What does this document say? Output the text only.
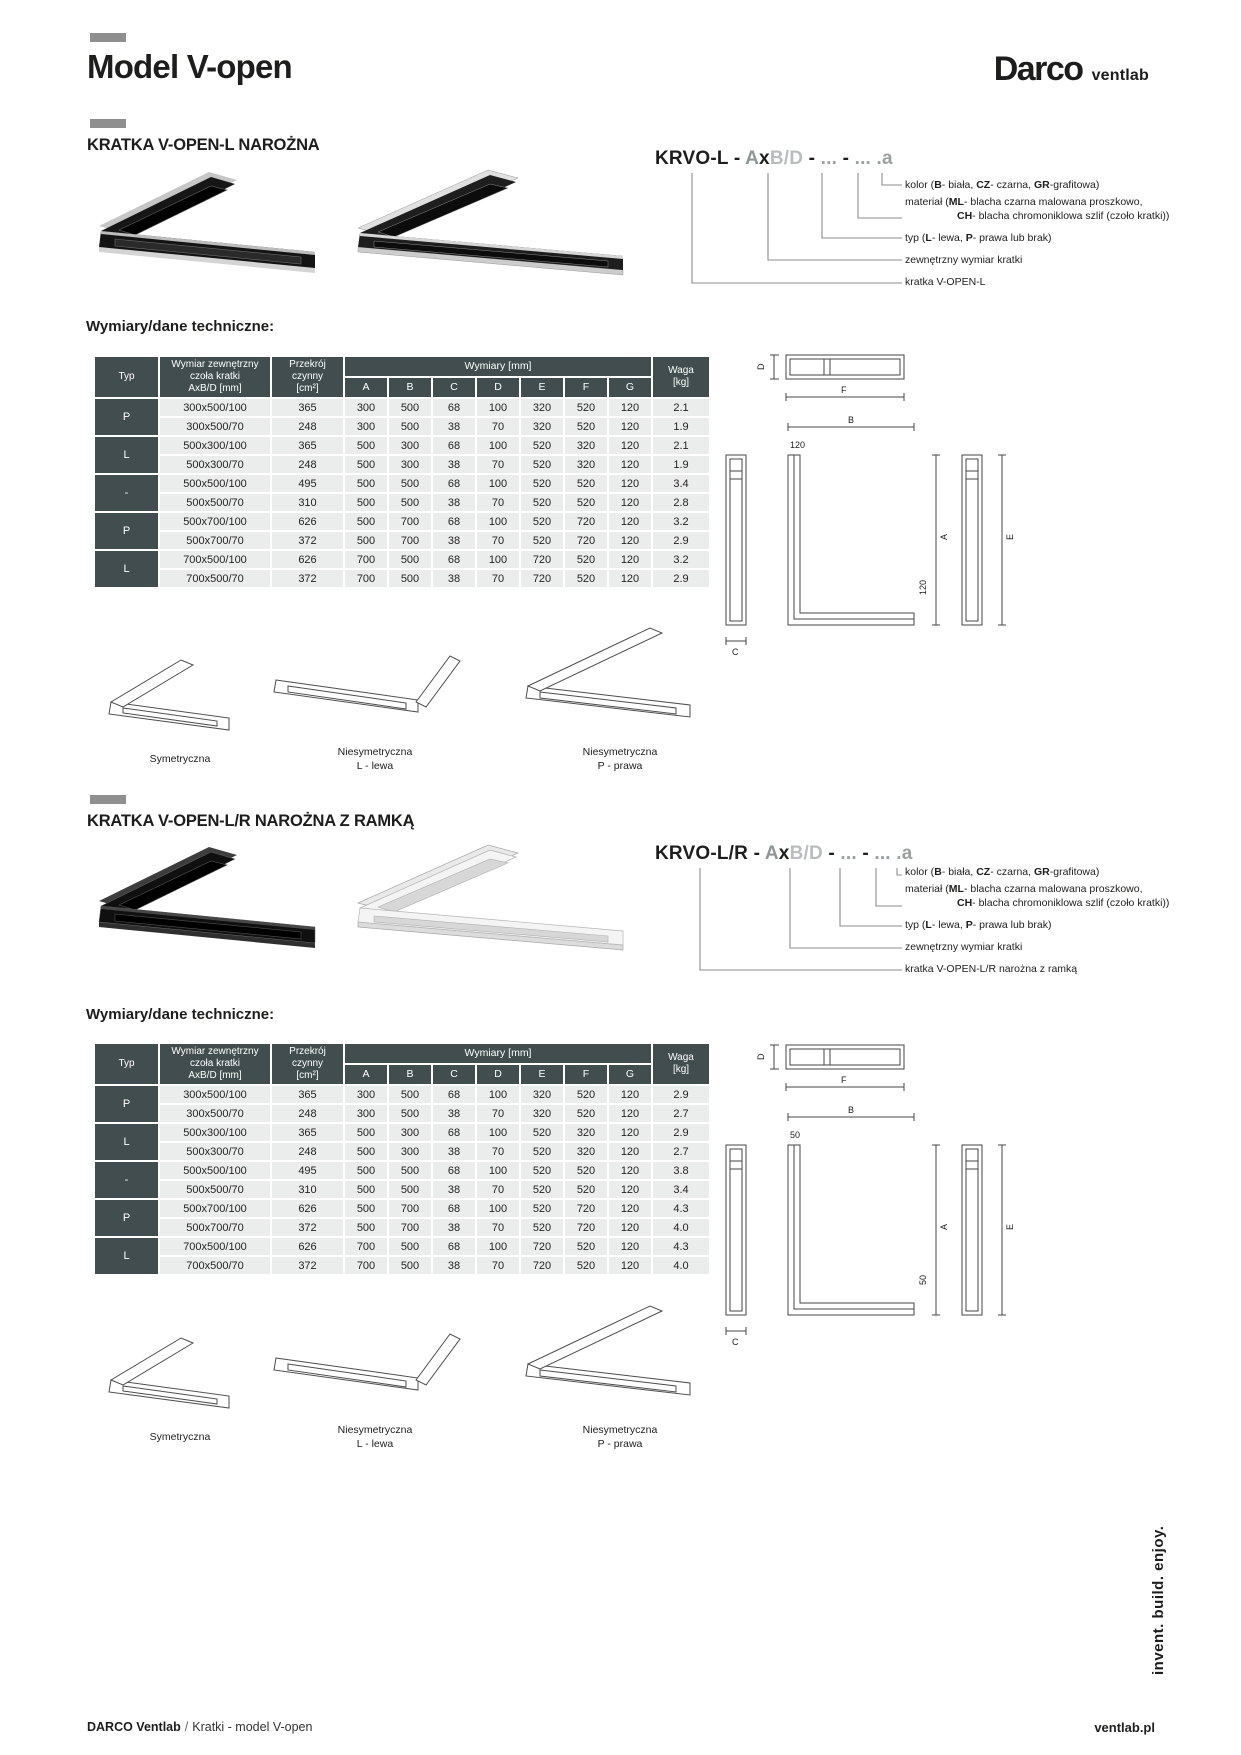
Model V-open	Darco ventlab
KRATKA V-OPEN-L NAROŻNA
KRVO-L - AxB/D - ... - ... .a
kolor (B- biała, CZ- czarna, GR-grafitowa)
materiał (ML- blacha czarna malowana proszkowo,
CH- blacha chromoniklowa szlif (czoło kratki))
typ (L- lewa, P- prawa lub brak)
zewnętrzny wymiar kratki
kratka V-OPEN-L
Wymiary/dane techniczne:
Typ	
Wymiar zewnętrzny czoła kratki
AxB/D [mm]

Przekrój czynny
[cm²]
	Wymiary [mm]	Waga
[kg]

			A	B	C	D	E	F	G	
P	300x500/100	365	300	500	68	100	320	520	120	2.1
	300x500/70	248	300	500	38	70	320	520	120	1.9
L	500x300/100	365	500	300	68	100	520	320	120	2.1
	500x300/70	248	500	300	38	70	520	320	120	1.9
-	500x500/100	495	500	500	68	100	520	520	120	3.4
	500x500/70	310	500	500	38	70	520	520	120	2.8
P	500x700/100	626	500	700	68	100	520	720	120	3.2
	500x700/70	372	500	700	38	70	520	720	120	2.9
L	700x500/100	626	700	500	68	100	720	520	120	3.2
	700x500/70	372	700	500	38	70	720	520	120	2.9
D
F
B
120
A	E
C
120
Symetryczna
Niesymetryczna
L - lewa
Niesymetryczna
P - prawa
KRATKA V-OPEN-L/R NAROŻNA Z RAMKĄ
KRVO-L/R - AxB/D - ... - ... .a
kolor (B- biała, CZ- czarna, GR-grafitowa)
materiał (ML- blacha czarna malowana proszkowo,
CH- blacha chromoniklowa szlif (czoło kratki))
typ (L- lewa, P- prawa lub brak)
zewnętrzny wymiar kratki
kratka V-OPEN-L/R narożna z ramką
Wymiary/dane techniczne:
Typ	
Wymiar zewnętrzny czoła kratki
AxB/D [mm]

Przekrój czynny
[cm²]
	Wymiary [mm]	Waga
[kg]

			A	B	C	D	E	F	G	
P	300x500/100	365	300	500	68	100	320	520	120	2.9
	300x500/70	248	300	500	38	70	320	520	120	2.7
L	500x300/100	365	500	300	68	100	520	320	120	2.9
	500x300/70	248	500	300	38	70	520	320	120	2.7
-	500x500/100	495	500	500	68	100	520	520	120	3.8
	500x500/70	310	500	500	38	70	520	520	120	3.4
P	500x700/100	626	500	700	68	100	520	720	120	4.3
	500x700/70	372	500	700	38	70	520	720	120	4.0
L	700x500/100	626	700	500	68	100	720	520	120	4.3
	700x500/70	372	700	500	38	70	720	520	120	4.0
D
F
B
50
A	E
C
50
Symetryczna
Niesymetryczna
L - lewa
Niesymetryczna
P - prawa
invent. build. enjoy.
DARCO Ventlab / Kratki - model V-open	ventlab.pl
